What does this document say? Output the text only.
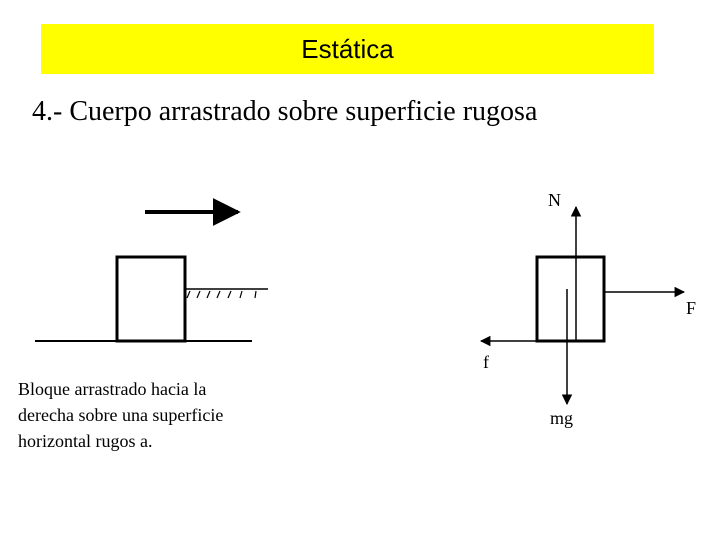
Estática
4.- Cuerpo arrastrado sobre superficie rugosa
N
F
f
mg
Bloque arrastrado hacia la
derecha sobre una superficie
horizontal rugos a.
